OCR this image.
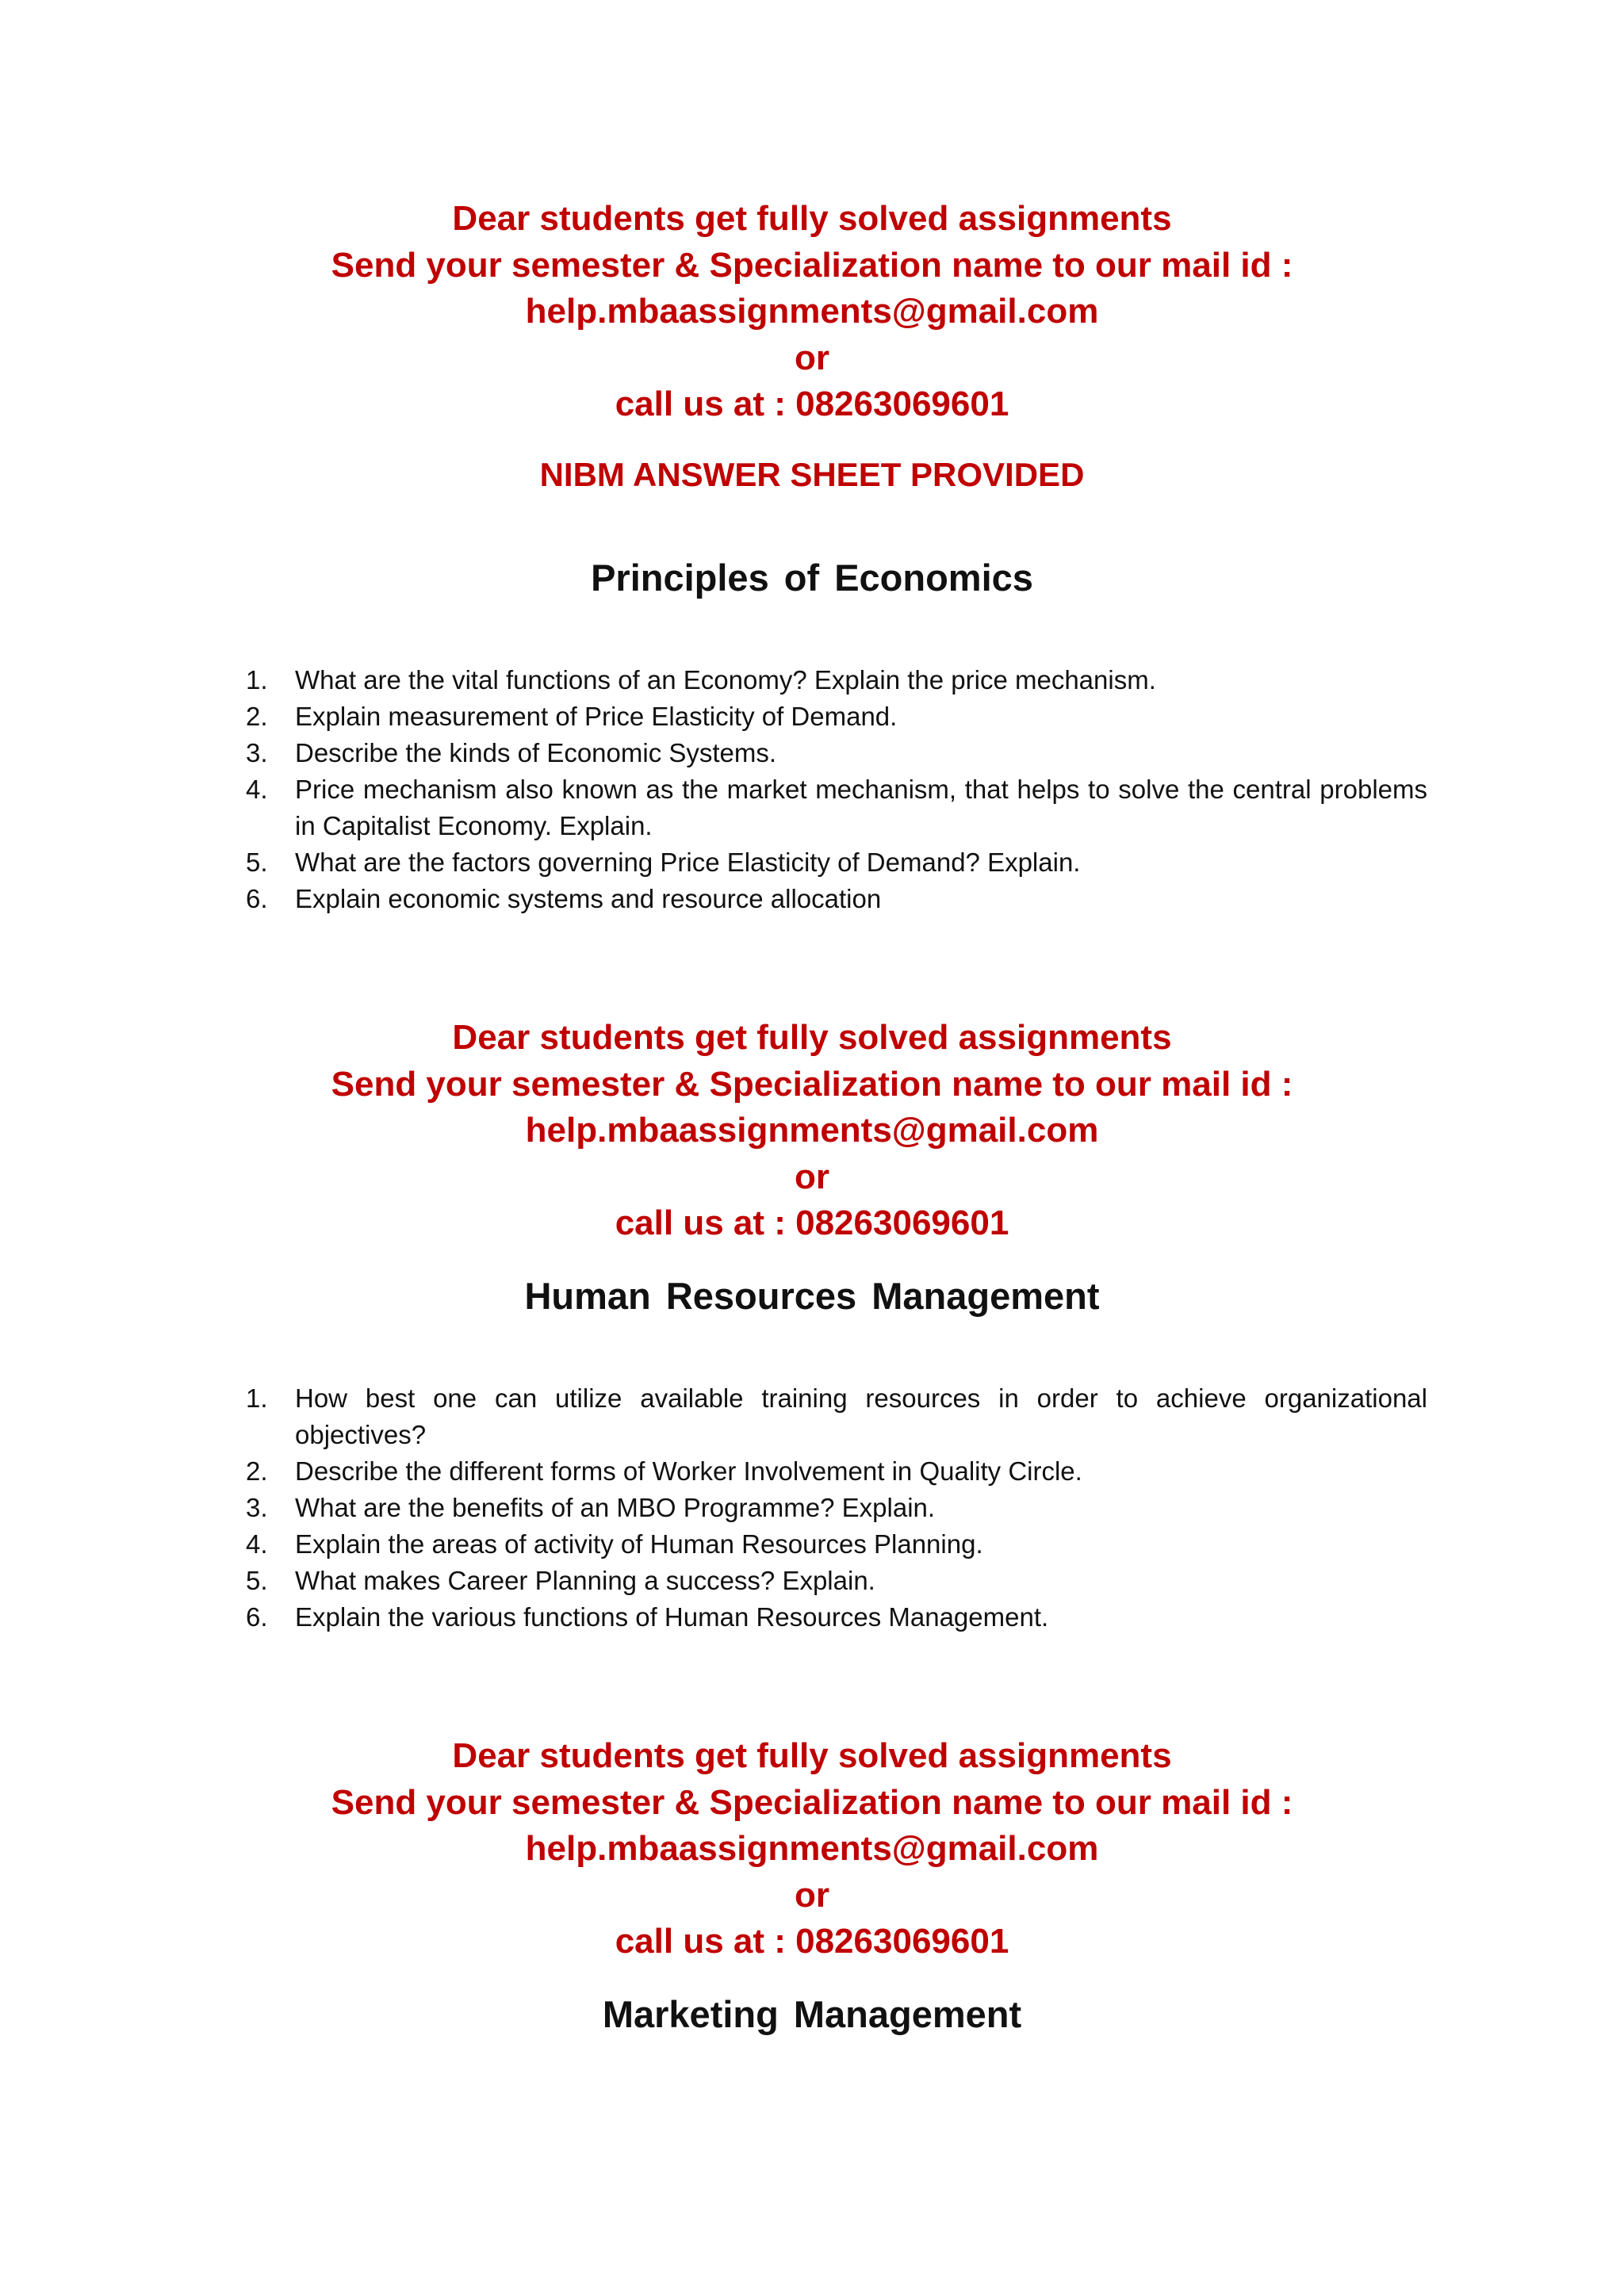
Dear students get fully solved assignments
Send your semester & Specialization name to our mail id :
help.mbaassignments@gmail.com
or
call us at : 08263069601
NIBM ANSWER SHEET PROVIDED
Principles of Economics
1. What are the vital functions of an Economy? Explain the price mechanism.
2. Explain measurement of Price Elasticity of Demand.
3. Describe the kinds of Economic Systems.
4. Price mechanism also known as the market mechanism, that helps to solve the central problems in Capitalist Economy. Explain.
5. What are the factors governing Price Elasticity of Demand? Explain.
6. Explain economic systems and resource allocation
Dear students get fully solved assignments
Send your semester & Specialization name to our mail id :
help.mbaassignments@gmail.com
or
call us at : 08263069601
Human Resources Management
1. How best one can utilize available training resources in order to achieve organizational objectives?
2. Describe the different forms of Worker Involvement in Quality Circle.
3. What are the benefits of an MBO Programme? Explain.
4. Explain the areas of activity of Human Resources Planning.
5. What makes Career Planning a success? Explain.
6. Explain the various functions of Human Resources Management.
Dear students get fully solved assignments
Send your semester & Specialization name to our mail id :
help.mbaassignments@gmail.com
or
call us at : 08263069601
Marketing Management
